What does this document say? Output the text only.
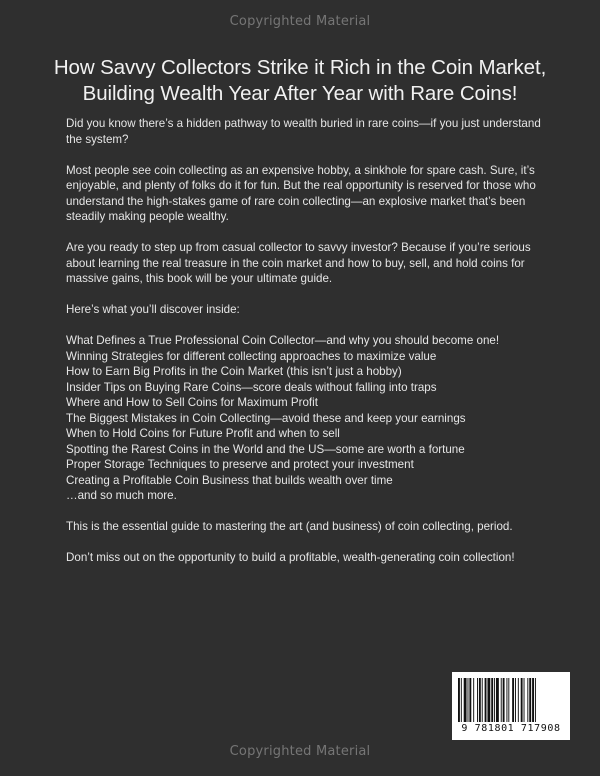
Copyrighted Material
How Savvy Collectors Strike it Rich in the Coin Market,
Building Wealth Year After Year with Rare Coins!

Did you know there’s a hidden pathway to wealth buried in rare coins—if you just understand the system?

Most people see coin collecting as an expensive hobby, a sinkhole for spare cash. Sure, it’s enjoyable, and plenty of folks do it for fun. But the real opportunity is reserved for those who understand the high-stakes game of rare coin collecting—an explosive market that’s been steadily making people wealthy.

Are you ready to step up from casual collector to savvy investor? Because if you’re serious about learning the real treasure in the coin market and how to buy, sell, and hold coins for massive gains, this book will be your ultimate guide.

Here’s what you’ll discover inside:

What Defines a True Professional Coin Collector—and why you should become one!
Winning Strategies for different collecting approaches to maximize value
How to Earn Big Profits in the Coin Market (this isn’t just a hobby)
Insider Tips on Buying Rare Coins—score deals without falling into traps
Where and How to Sell Coins for Maximum Profit
The Biggest Mistakes in Coin Collecting—avoid these and keep your earnings
When to Hold Coins for Future Profit and when to sell
Spotting the Rarest Coins in the World and the US—some are worth a fortune
Proper Storage Techniques to preserve and protect your investment
Creating a Profitable Coin Business that builds wealth over time
…and so much more.

This is the essential guide to mastering the art (and business) of coin collecting, period.

Don’t miss out on the opportunity to build a profitable, wealth-generating coin collection!

9 781801 717908
Copyrighted Material
